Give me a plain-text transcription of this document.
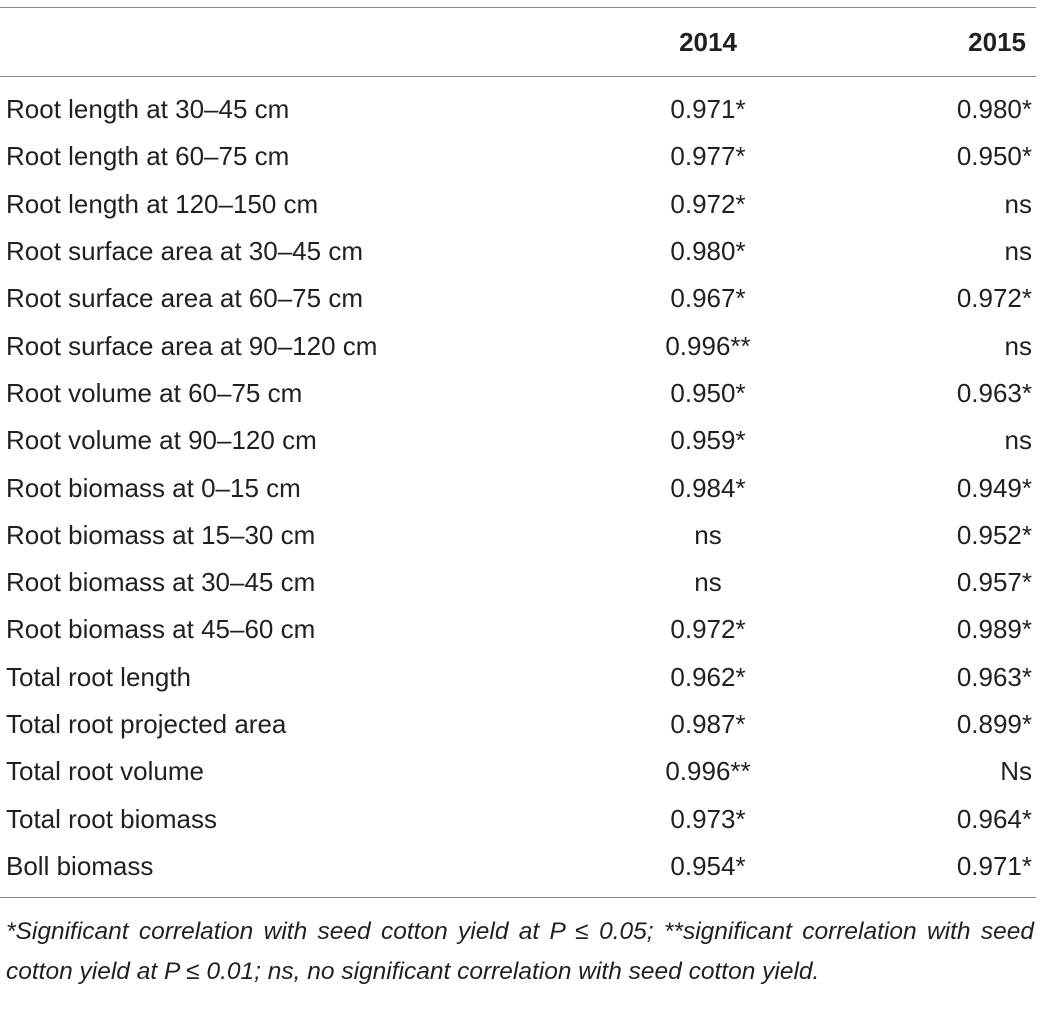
	2014	2015
Root length at 30–45 cm	0.971*	0.980*
Root length at 60–75 cm	0.977*	0.950*
Root length at 120–150 cm	0.972*	ns
Root surface area at 30–45 cm	0.980*	ns
Root surface area at 60–75 cm	0.967*	0.972*
Root surface area at 90–120 cm	0.996**	ns
Root volume at 60–75 cm	0.950*	0.963*
Root volume at 90–120 cm	0.959*	ns
Root biomass at 0–15 cm	0.984*	0.949*
Root biomass at 15–30 cm	ns	0.952*
Root biomass at 30–45 cm	ns	0.957*
Root biomass at 45–60 cm	0.972*	0.989*
Total root length	0.962*	0.963*
Total root projected area	0.987*	0.899*
Total root volume	0.996**	Ns
Total root biomass	0.973*	0.964*
Boll biomass	0.954*	0.971*

*Significant correlation with seed cotton yield at P ≤ 0.05; **significant correlation with seed cotton yield at P ≤ 0.01; ns, no significant correlation with seed cotton yield.
